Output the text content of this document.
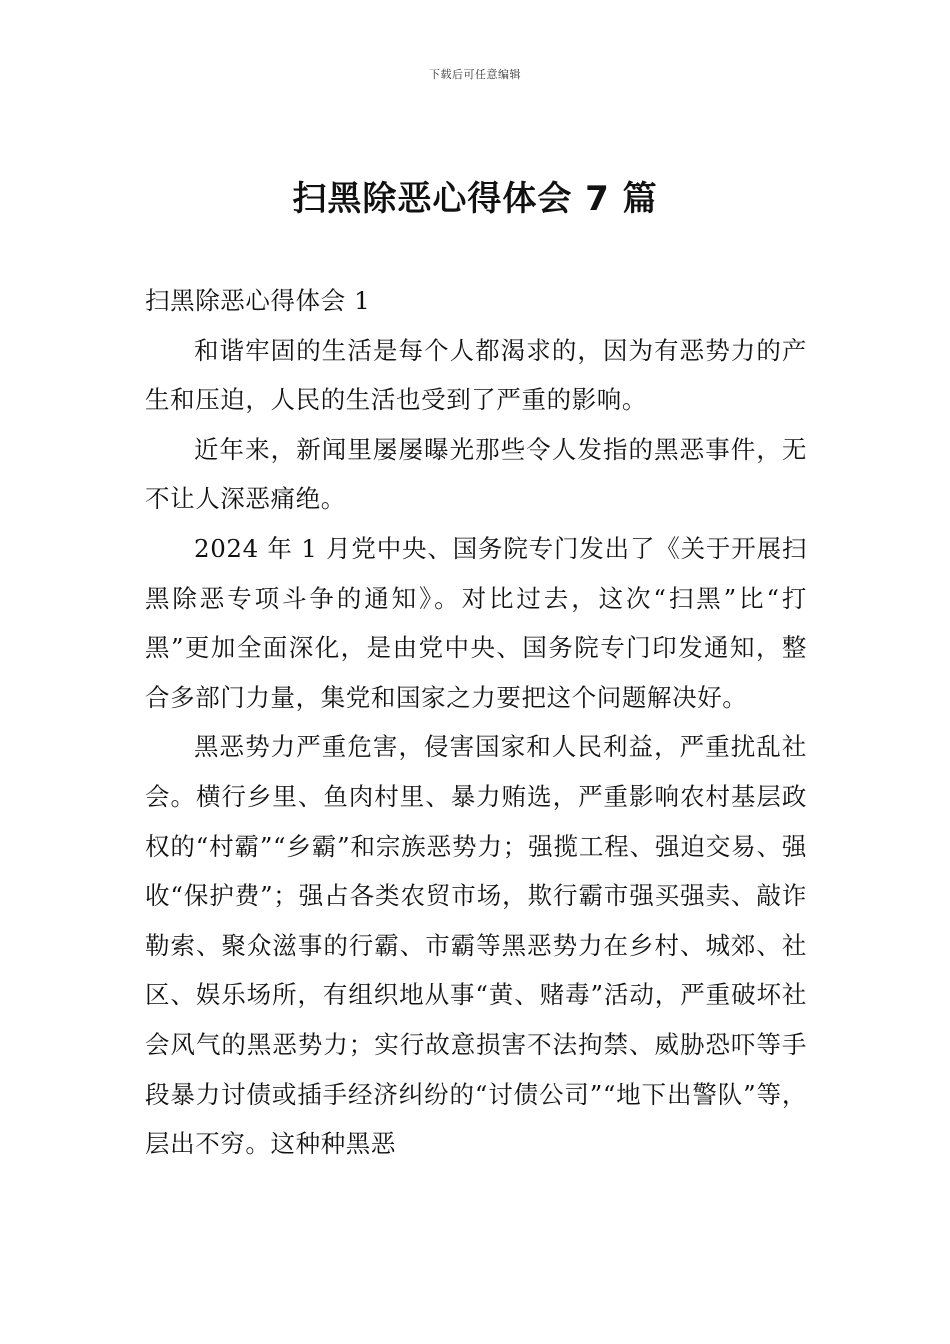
下载后可任意编辑
扫黑除恶心得体会 7 篇
扫黑除恶心得体会 1

和谐牢固的生活是每个人都渴求的，因为有恶势力的产生和压迫，人民的生活也受到了严重的影响。

近年来，新闻里屡屡曝光那些令人发指的黑恶事件，无不让人深恶痛绝。

2024 年 1 月党中央、国务院专门发出了《关于开展扫黑除恶专项斗争的通知》。对比过去，这次“扫黑”比“打黑”更加全面深化，是由党中央、国务院专门印发通知，整合多部门力量，集党和国家之力要把这个问题解决好。

黑恶势力严重危害，侵害国家和人民利益，严重扰乱社会。横行乡里、鱼肉村里、暴力贿选，严重影响农村基层政权的“村霸”“乡霸”和宗族恶势力；强揽工程、强迫交易、强收“保护费”；强占各类农贸市场，欺行霸市强买强卖、敲诈勒索、聚众滋事的行霸、市霸等黑恶势力在乡村、城郊、社区、娱乐场所，有组织地从事“黄、赌毒”活动，严重破坏社会风气的黑恶势力；实行故意损害不法拘禁、威胁恐吓等手段暴力讨债或插手经济纠纷的“讨债公司”“地下出警队”等，层出不穷。这种种黑恶
